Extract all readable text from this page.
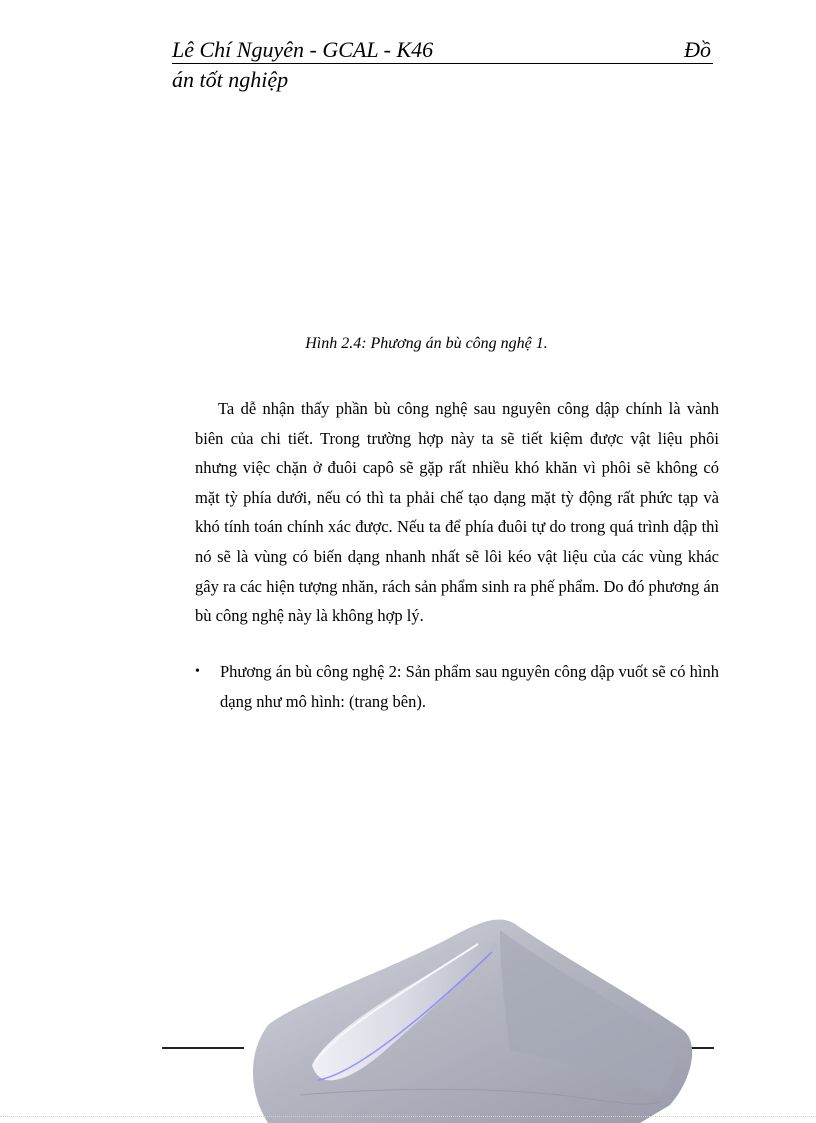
Lê Chí Nguyên - GCAL - K46	Đồ
án tốt nghiệp
Hình 2.4: Phương án bù công nghệ 1.

Ta dễ nhận thấy phần bù công nghệ sau nguyên công dập chính là vành biên của chi tiết. Trong trường hợp này ta sẽ tiết kiệm được vật liệu phôi nhưng việc chặn ở đuôi capô sẽ gặp rất nhiều khó khăn vì phôi sẽ không có mặt tỳ phía dưới, nếu có thì ta phải chế tạo dạng mặt tỳ động rất phức tạp và khó tính toán chính xác được. Nếu ta để phía đuôi tự do trong quá trình dập thì nó sẽ là vùng có biến dạng nhanh nhất sẽ lôi kéo vật liệu của các vùng khác gây ra các hiện tượng nhăn, rách sản phẩm sinh ra phế phẩm. Do đó phương án bù công nghệ này là không hợp lý.

•	Phương án bù công nghệ 2: Sản phẩm sau nguyên công dập vuốt sẽ có hình dạng như mô hình: (trang bên).
